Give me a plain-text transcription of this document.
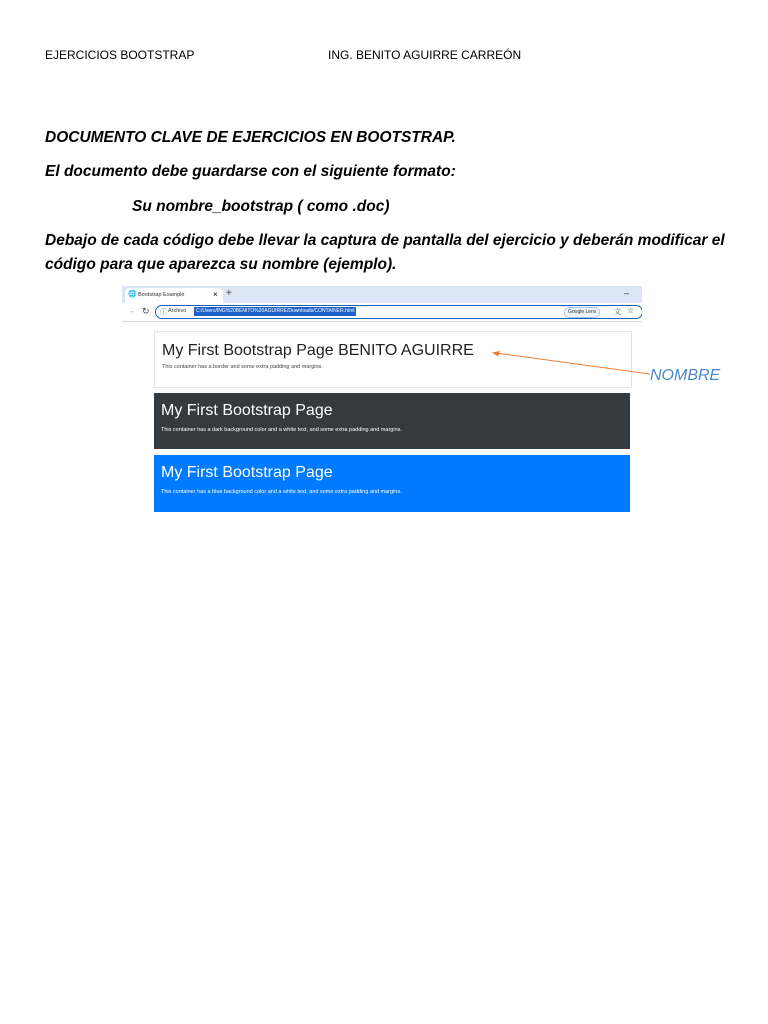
EJERCICIOS BOOTSTRAP	ING. BENITO AGUIRRE CARREÓN
DOCUMENTO CLAVE DE EJERCICIOS EN BOOTSTRAP.
El documento debe guardarse con el siguiente formato:
Su nombre_bootstrap ( como .doc)
Debajo de cada código debe llevar la captura de pantalla del ejercicio y deberán modificar el código para que aparezca su nombre (ejemplo).
🌐 Bootstrap Example	× +	–
→ ↻ ⓘ Archivo	C:/Users/ING%20BENITO%20AGUIRRE/Downloads/CONTAINER.html	Google Lens	文 ☆
My First Bootstrap Page BENITO AGUIRRE
This container has a border and some extra padding and margins.
My First Bootstrap Page
This container has a dark background color and a white text, and some extra padding and margins.
My First Bootstrap Page
This container has a blue background color and a white text, and some extra padding and margins.
NOMBRE
